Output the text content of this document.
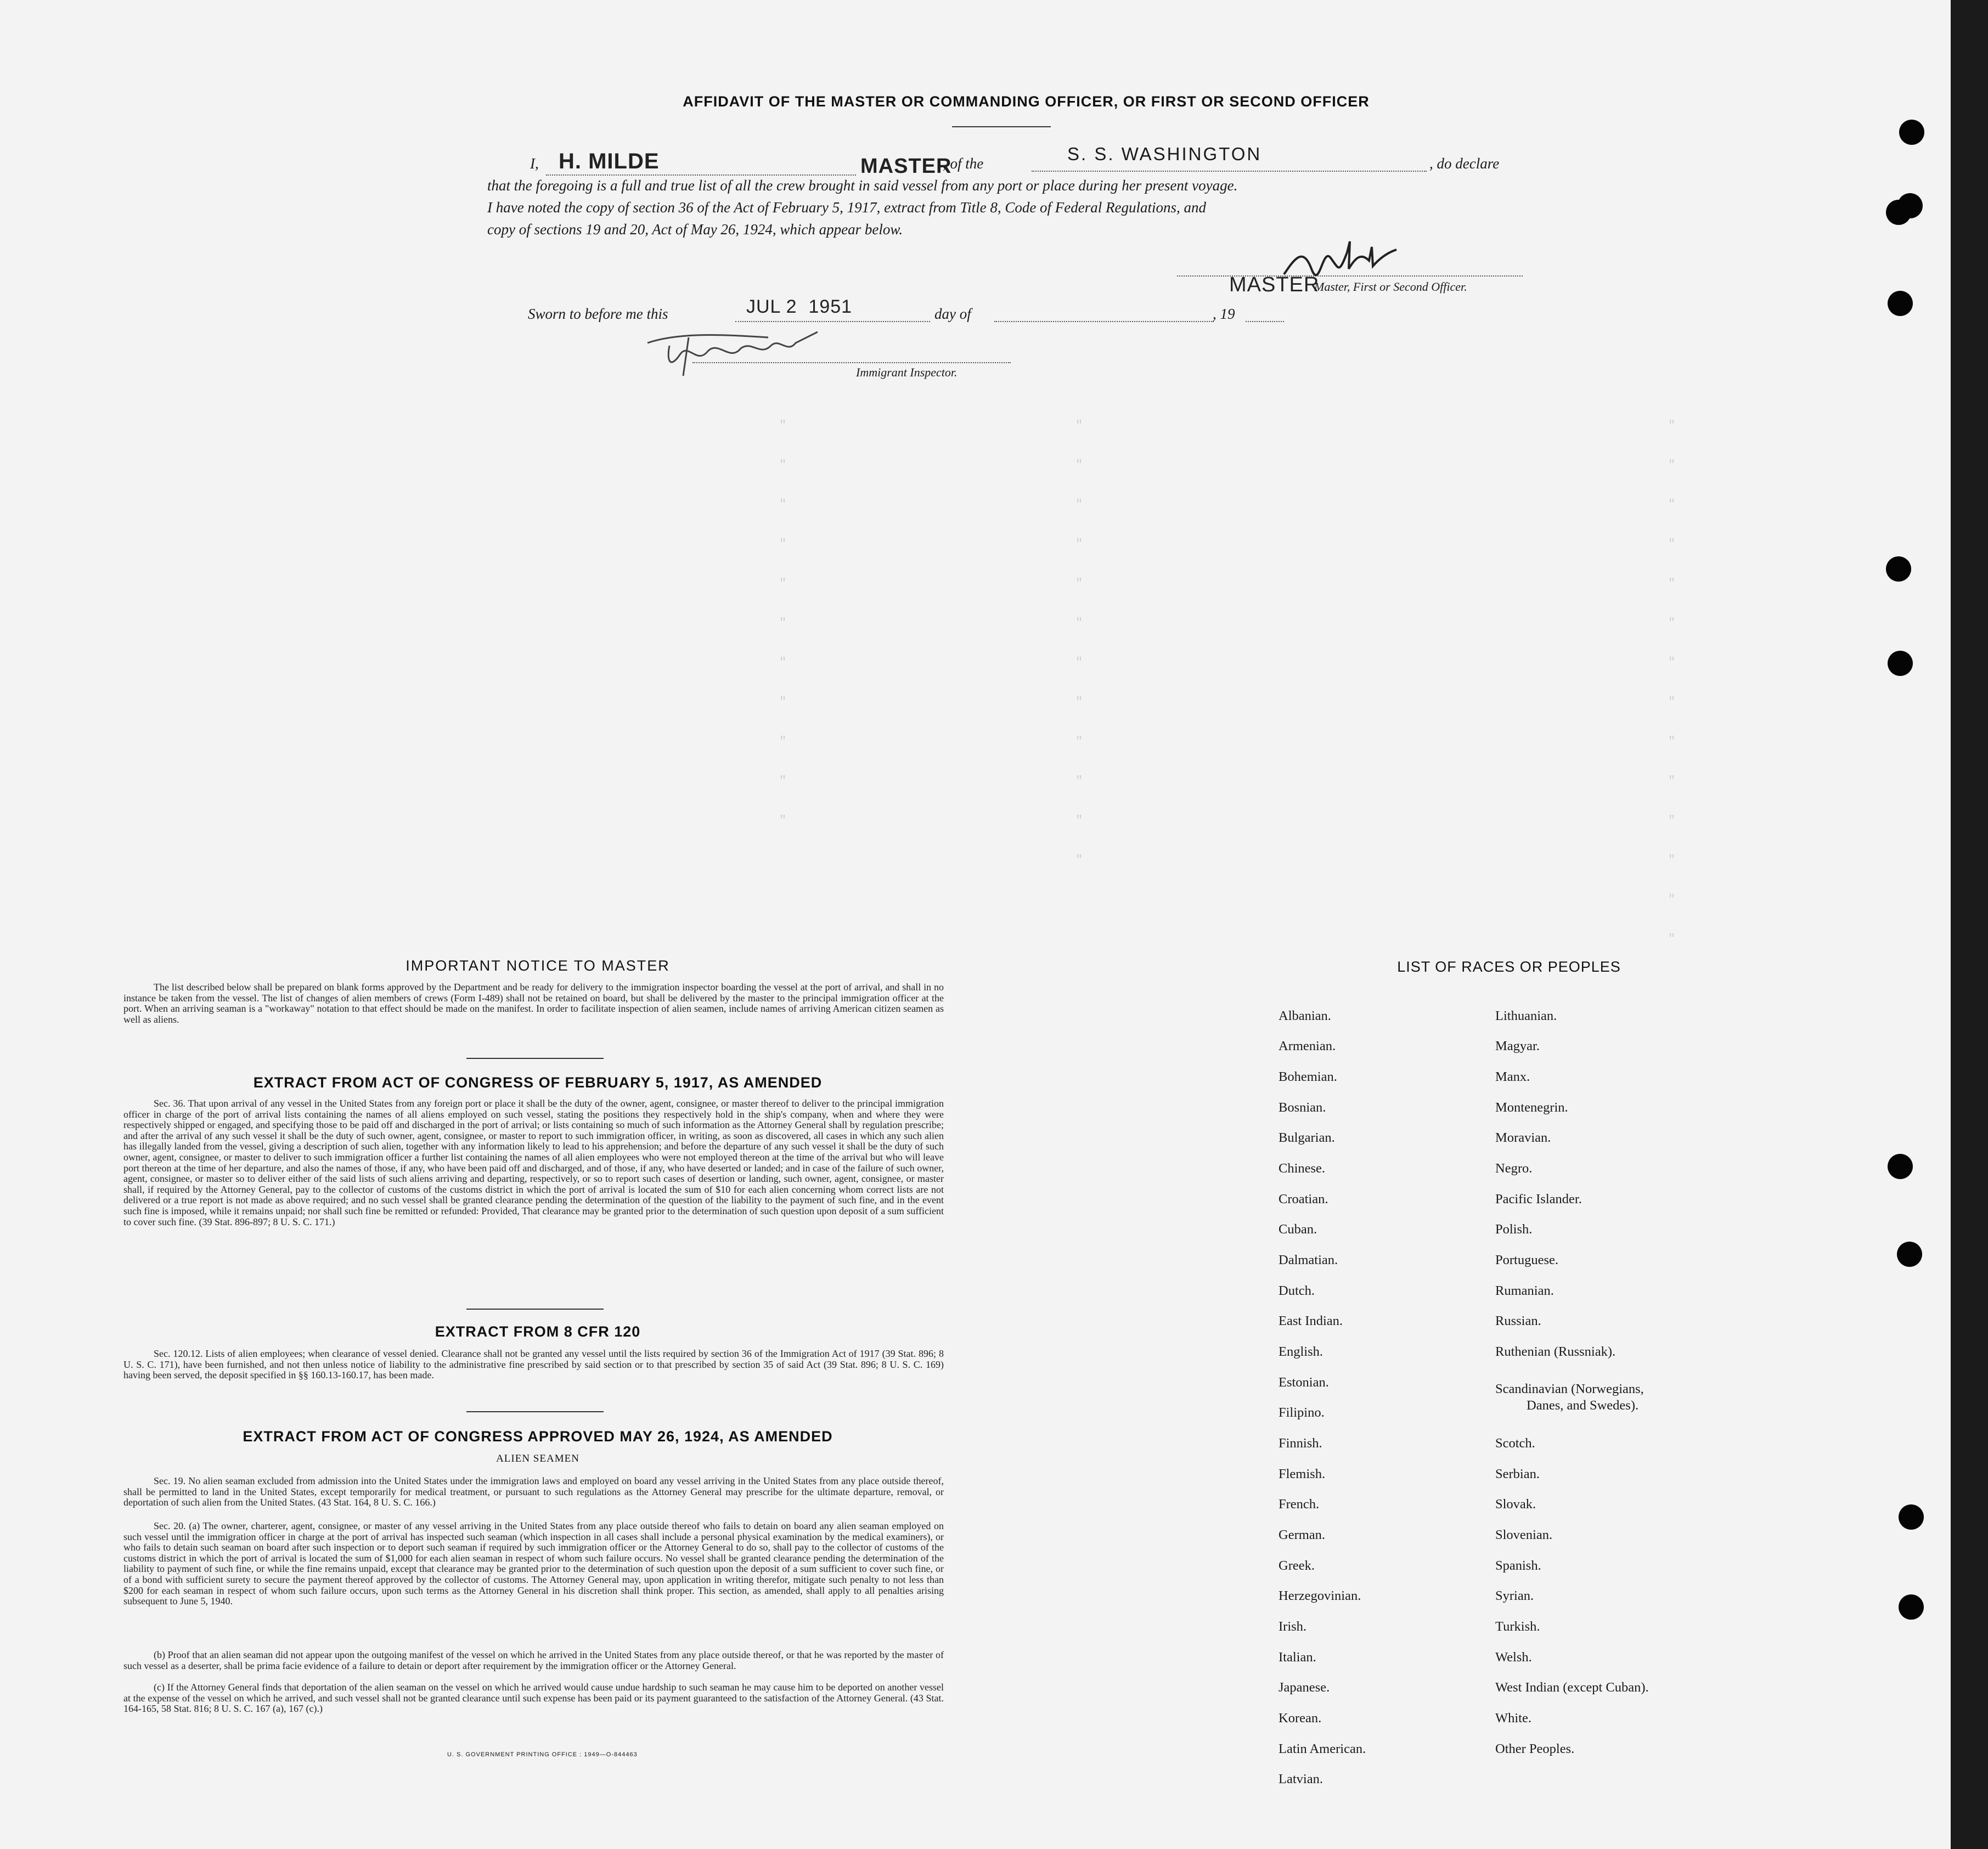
"
"
"
"
"
"
"
"
"
"
"
"
"
"
"
"
"
"
"
"
"
"
"
"
"
"
"
"
"
"
"
"
"
"
"
"
"
AFFIDAVIT OF THE MASTER OR COMMANDING OFFICER, OR FIRST OR SECOND OFFICER
I, H. MILDE	MASTER
, of the	S. S. WASHINGTON	, do declare
that the foregoing is a full and true list of all the crew brought in said vessel from any port or place during her present voyage.
I have noted the copy of section 36 of the Act of February 5, 1917, extract from Title 8, Code of Federal Regulations, and
copy of sections 19 and 20, Act of May 26, 1924, which appear below.
MASTER
Master, First or Second Officer.
Sworn to before me this	JUL 2  1951	day of	, 19
Immigrant Inspector.
IMPORTANT NOTICE TO MASTER
The list described below shall be prepared on blank forms approved by the Department and be ready for delivery to the immigration inspector boarding the vessel at the port of arrival, and shall in no instance be taken from the vessel. The list of changes of alien members of crews (Form I-489) shall not be retained on board, but shall be delivered by the master to the principal immigration officer at the port. When an arriving seaman is a "workaway" notation to that effect should be made on the manifest. In order to facilitate inspection of alien seamen, include names of arriving American citizen seamen as well as aliens.
EXTRACT FROM ACT OF CONGRESS OF FEBRUARY 5, 1917, AS AMENDED
Sec. 36. That upon arrival of any vessel in the United States from any foreign port or place it shall be the duty of the owner, agent, consignee, or master thereof to deliver to the principal immigration officer in charge of the port of arrival lists containing the names of all aliens employed on such vessel, stating the positions they respectively hold in the ship's company, when and where they were respectively shipped or engaged, and specifying those to be paid off and discharged in the port of arrival; or lists containing so much of such information as the Attorney General shall by regulation prescribe; and after the arrival of any such vessel it shall be the duty of such owner, agent, consignee, or master to report to such immigration officer, in writing, as soon as discovered, all cases in which any such alien has illegally landed from the vessel, giving a description of such alien, together with any information likely to lead to his apprehension; and before the departure of any such vessel it shall be the duty of such owner, agent, consignee, or master to deliver to such immigration officer a further list containing the names of all alien employees who were not employed thereon at the time of the arrival but who will leave port thereon at the time of her departure, and also the names of those, if any, who have been paid off and discharged, and of those, if any, who have deserted or landed; and in case of the failure of such owner, agent, consignee, or master so to deliver either of the said lists of such aliens arriving and departing, respectively, or so to report such cases of desertion or landing, such owner, agent, consignee, or master shall, if required by the Attorney General, pay to the collector of customs of the customs district in which the port of arrival is located the sum of $10 for each alien concerning whom correct lists are not delivered or a true report is not made as above required; and no such vessel shall be granted clearance pending the determination of the question of the liability to the payment of such fine, and in the event such fine is imposed, while it remains unpaid; nor shall such fine be remitted or refunded: Provided, That clearance may be granted prior to the determination of such question upon deposit of a sum sufficient to cover such fine. (39 Stat. 896-897; 8 U. S. C. 171.)
EXTRACT FROM 8 CFR 120
Sec. 120.12. Lists of alien employees; when clearance of vessel denied. Clearance shall not be granted any vessel until the lists required by section 36 of the Immigration Act of 1917 (39 Stat. 896; 8 U. S. C. 171), have been furnished, and not then unless notice of liability to the administrative fine prescribed by said section or to that prescribed by section 35 of said Act (39 Stat. 896; 8 U. S. C. 169) having been served, the deposit specified in §§ 160.13-160.17, has been made.
EXTRACT FROM ACT OF CONGRESS APPROVED MAY 26, 1924, AS AMENDED
ALIEN SEAMEN
Sec. 19. No alien seaman excluded from admission into the United States under the immigration laws and employed on board any vessel arriving in the United States from any place outside thereof, shall be permitted to land in the United States, except temporarily for medical treatment, or pursuant to such regulations as the Attorney General may prescribe for the ultimate departure, removal, or deportation of such alien from the United States. (43 Stat. 164, 8 U. S. C. 166.)
Sec. 20. (a) The owner, charterer, agent, consignee, or master of any vessel arriving in the United States from any place outside thereof who fails to detain on board any alien seaman employed on such vessel until the immigration officer in charge at the port of arrival has inspected such seaman (which inspection in all cases shall include a personal physical examination by the medical examiners), or who fails to detain such seaman on board after such inspection or to deport such seaman if required by such immigration officer or the Attorney General to do so, shall pay to the collector of customs of the customs district in which the port of arrival is located the sum of $1,000 for each alien seaman in respect of whom such failure occurs. No vessel shall be granted clearance pending the determination of the liability to payment of such fine, or while the fine remains unpaid, except that clearance may be granted prior to the determination of such question upon the deposit of a sum sufficient to cover such fine, or of a bond with sufficient surety to secure the payment thereof approved by the collector of customs. The Attorney General may, upon application in writing therefor, mitigate such penalty to not less than $200 for each seaman in respect of whom such failure occurs, upon such terms as the Attorney General in his discretion shall think proper. This section, as amended, shall apply to all penalties arising subsequent to June 5, 1940.
(b) Proof that an alien seaman did not appear upon the outgoing manifest of the vessel on which he arrived in the United States from any place outside thereof, or that he was reported by the master of such vessel as a deserter, shall be prima facie evidence of a failure to detain or deport after requirement by the immigration officer or the Attorney General.
(c) If the Attorney General finds that deportation of the alien seaman on the vessel on which he arrived would cause undue hardship to such seaman he may cause him to be deported on another vessel at the expense of the vessel on which he arrived, and such vessel shall not be granted clearance until such expense has been paid or its payment guaranteed to the satisfaction of the Attorney General. (43 Stat. 164-165, 58 Stat. 816; 8 U. S. C. 167 (a), 167 (c).)
U. S. GOVERNMENT PRINTING OFFICE : 1949—O-844463
LIST OF RACES OR PEOPLES
Albanian.
Armenian.
Bohemian.
Bosnian.
Bulgarian.
Chinese.
Croatian.
Cuban.
Dalmatian.
Dutch.
East Indian.
English.
Estonian.
Filipino.
Finnish.
Flemish.
French.
German.
Greek.
Herzegovinian.
Irish.
Italian.
Japanese.
Korean.
Latin American.
Latvian.
Lithuanian.
Magyar.
Manx.
Montenegrin.
Moravian.
Negro.
Pacific Islander.
Polish.
Portuguese.
Rumanian.
Russian.
Ruthenian (Russniak).
Scandinavian (Norwegians,
Danes, and Swedes).
Scotch.
Serbian.
Slovak.
Slovenian.
Spanish.
Syrian.
Turkish.
Welsh.
West Indian (except Cuban).
White.
Other Peoples.
